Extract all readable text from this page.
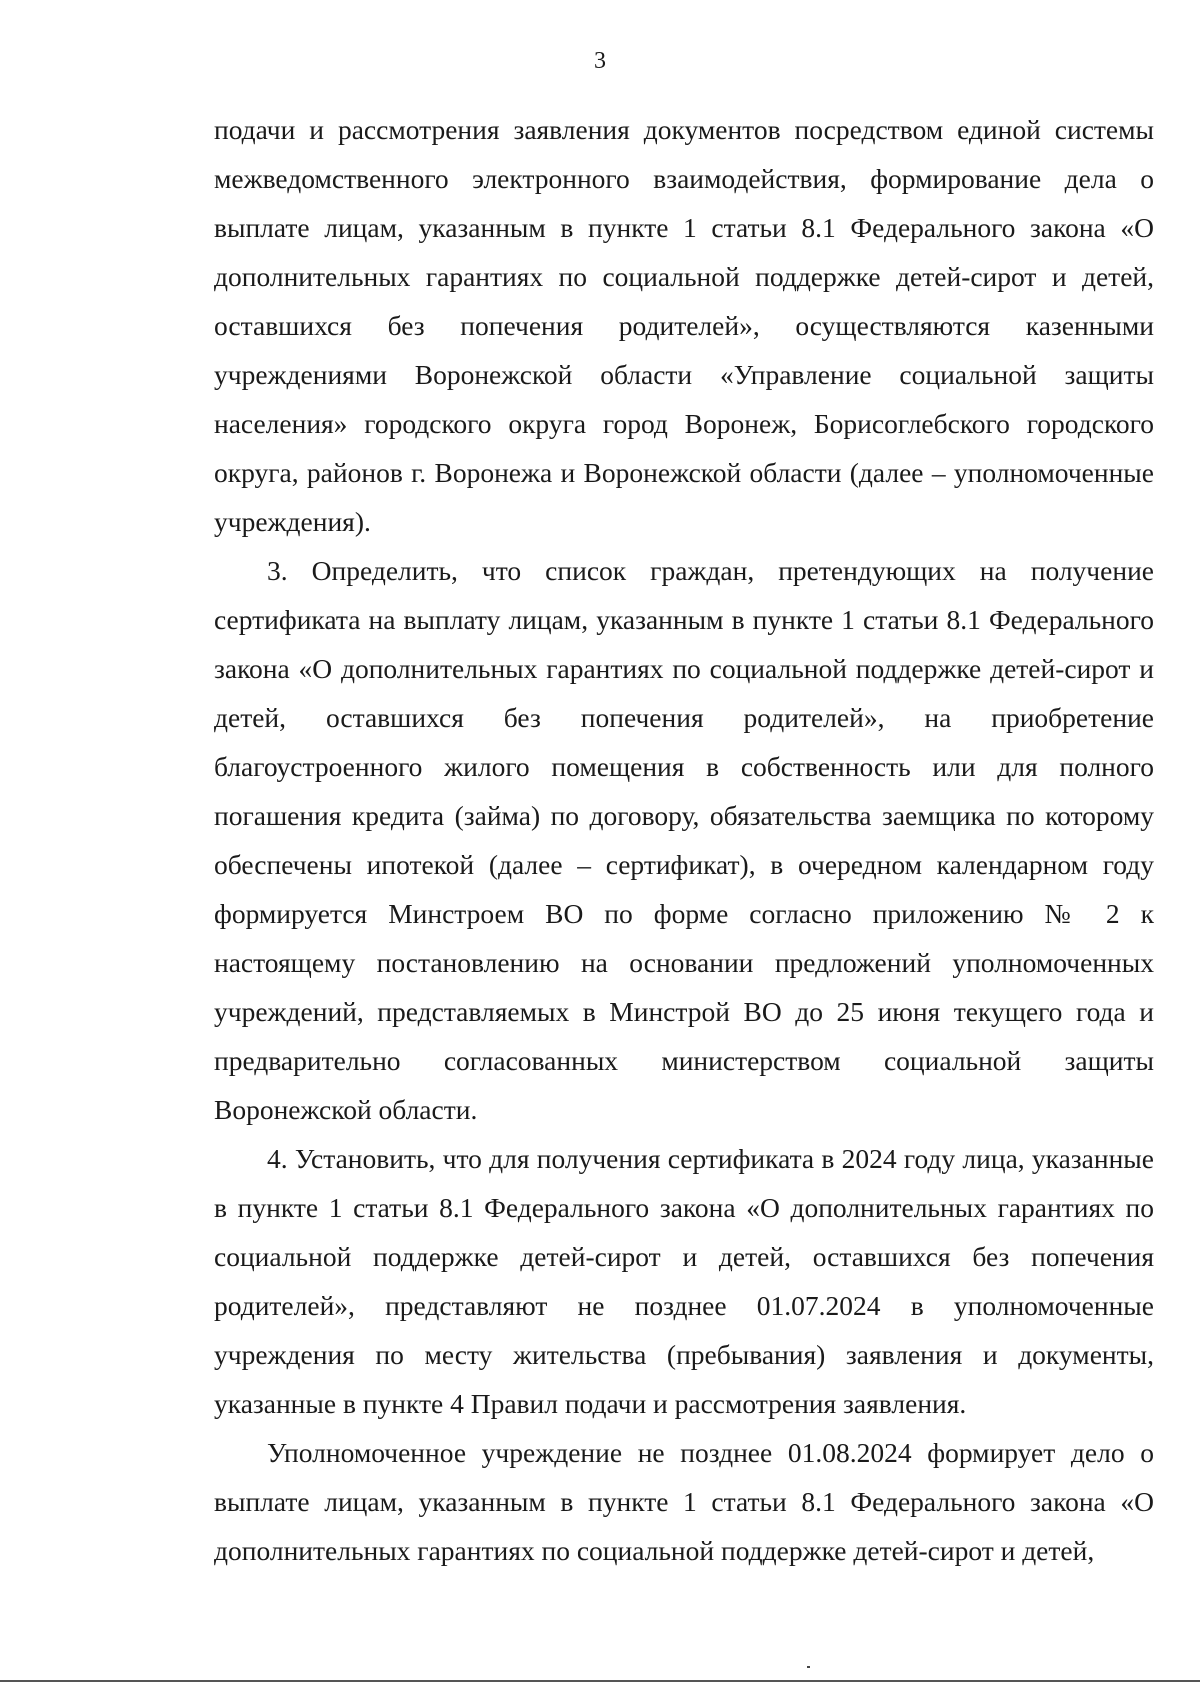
3

подачи и рассмотрения заявления документов посредством единой системы межведомственного электронного взаимодействия, формирование дела о выплате лицам, указанным в пункте 1 статьи 8.1 Федерального закона «О дополнительных гарантиях по социальной поддержке детей-сирот и детей, оставшихся без попечения родителей», осуществляются казенными учреждениями Воронежской области «Управление социальной защиты населения» городского округа город Воронеж, Борисоглебского городского округа, районов г. Воронежа и Воронежской области (далее – уполномоченные учреждения).

3. Определить, что список граждан, претендующих на получение сертификата на выплату лицам, указанным в пункте 1 статьи 8.1 Федерального закона «О дополнительных гарантиях по социальной поддержке детей-сирот и детей, оставшихся без попечения родителей», на приобретение благоустроенного жилого помещения в собственность или для полного погашения кредита (займа) по договору, обязательства заемщика по которому обеспечены ипотекой (далее – сертификат), в очередном календарном году формируется Минстроем ВО по форме согласно приложению № 2 к настоящему постановлению на основании предложений уполномоченных учреждений, представляемых в Минстрой ВО до 25 июня текущего года и предварительно согласованных министерством социальной защиты Воронежской области.

4. Установить, что для получения сертификата в 2024 году лица, указанные в пункте 1 статьи 8.1 Федерального закона «О дополнительных гарантиях по социальной поддержке детей-сирот и детей, оставшихся без попечения родителей», представляют не позднее 01.07.2024 в уполномоченные учреждения по месту жительства (пребывания) заявления и документы, указанные в пункте 4 Правил подачи и рассмотрения заявления.

Уполномоченное учреждение не позднее 01.08.2024 формирует дело о выплате лицам, указанным в пункте 1 статьи 8.1 Федерального закона «О дополнительных гарантиях по социальной поддержке детей-сирот и детей,
